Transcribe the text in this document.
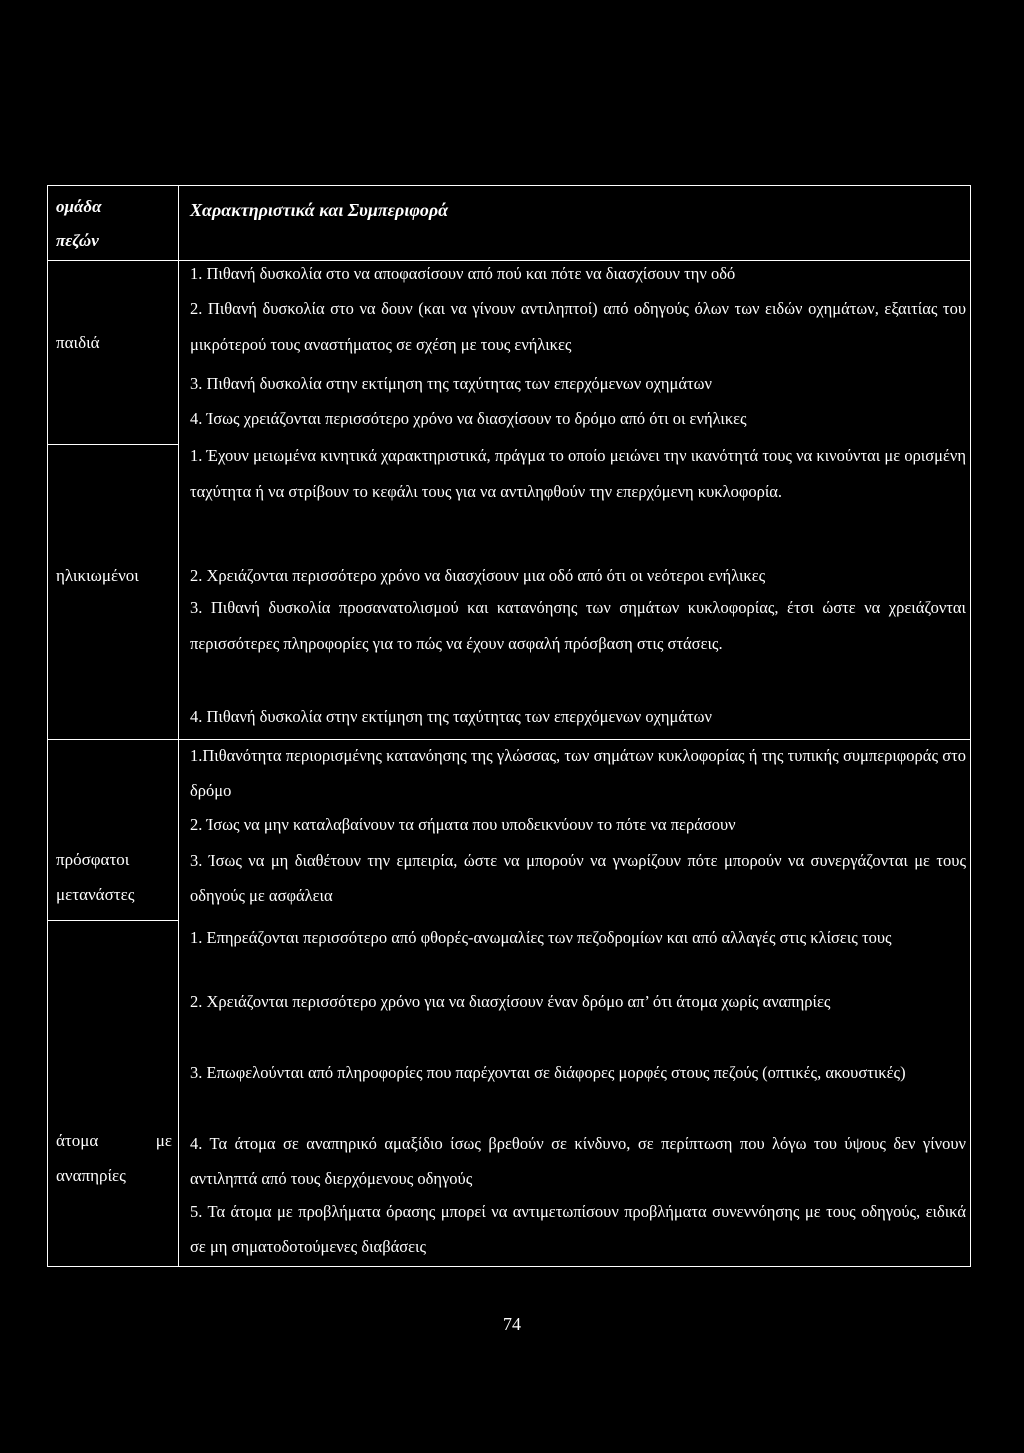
ομάδα
πεζών
Χαρακτηριστικά και Συμπεριφορά
παιδιά
1. Πιθανή δυσκολία στο να αποφασίσουν από πού και πότε να διασχίσουν την οδό
2. Πιθανή δυσκολία στο να δουν (και να γίνουν αντιληπτοί) από οδηγούς όλων των ειδών οχημάτων, εξαιτίας του μικρότερού τους αναστήματος σε σχέση με τους ενήλικες
3. Πιθανή δυσκολία στην εκτίμηση της ταχύτητας των επερχόμενων οχημάτων
4. Ίσως χρειάζονται περισσότερο χρόνο να διασχίσουν το δρόμο από ότι οι ενήλικες
ηλικιωμένοι
1. Έχουν μειωμένα κινητικά χαρακτηριστικά, πράγμα το οποίο μειώνει την ικανότητά τους να κινούνται με ορισμένη ταχύτητα ή να στρίβουν το κεφάλι τους για να αντιληφθούν την επερχόμενη κυκλοφορία.
2. Χρειάζονται περισσότερο χρόνο να διασχίσουν μια οδό από ότι οι νεότεροι ενήλικες
3. Πιθανή δυσκολία προσανατολισμού και κατανόησης των σημάτων κυκλοφορίας, έτσι ώστε να χρειάζονται περισσότερες πληροφορίες για το πώς να έχουν ασφαλή πρόσβαση στις στάσεις.
4. Πιθανή δυσκολία στην εκτίμηση της ταχύτητας των επερχόμενων οχημάτων
πρόσφατοι
μετανάστες
1.Πιθανότητα περιορισμένης κατανόησης της γλώσσας, των σημάτων κυκλοφορίας ή της τυπικής συμπεριφοράς στο δρόμο
2. Ίσως να μην καταλαβαίνουν τα σήματα που υποδεικνύουν το πότε να περάσουν
3. Ίσως να μη διαθέτουν την εμπειρία, ώστε να μπορούν να γνωρίζουν πότε μπορούν να συνεργάζονται με τους οδηγούς με ασφάλεια
άτομα με
αναπηρίες
1. Επηρεάζονται περισσότερο από φθορές-ανωμαλίες των πεζοδρομίων και από αλλαγές στις κλίσεις τους
2. Χρειάζονται περισσότερο χρόνο για να διασχίσουν έναν δρόμο απ’ ότι άτομα χωρίς αναπηρίες
3. Επωφελούνται από πληροφορίες που παρέχονται σε διάφορες μορφές στους πεζούς (οπτικές, ακουστικές)
4. Τα άτομα σε αναπηρικό αμαξίδιο ίσως βρεθούν σε κίνδυνο, σε περίπτωση που λόγω του ύψους δεν γίνουν αντιληπτά από τους διερχόμενους οδηγούς
5. Τα άτομα με προβλήματα όρασης μπορεί να αντιμετωπίσουν προβλήματα συνεννόησης με τους οδηγούς, ειδικά σε μη σηματοδοτούμενες διαβάσεις
74
